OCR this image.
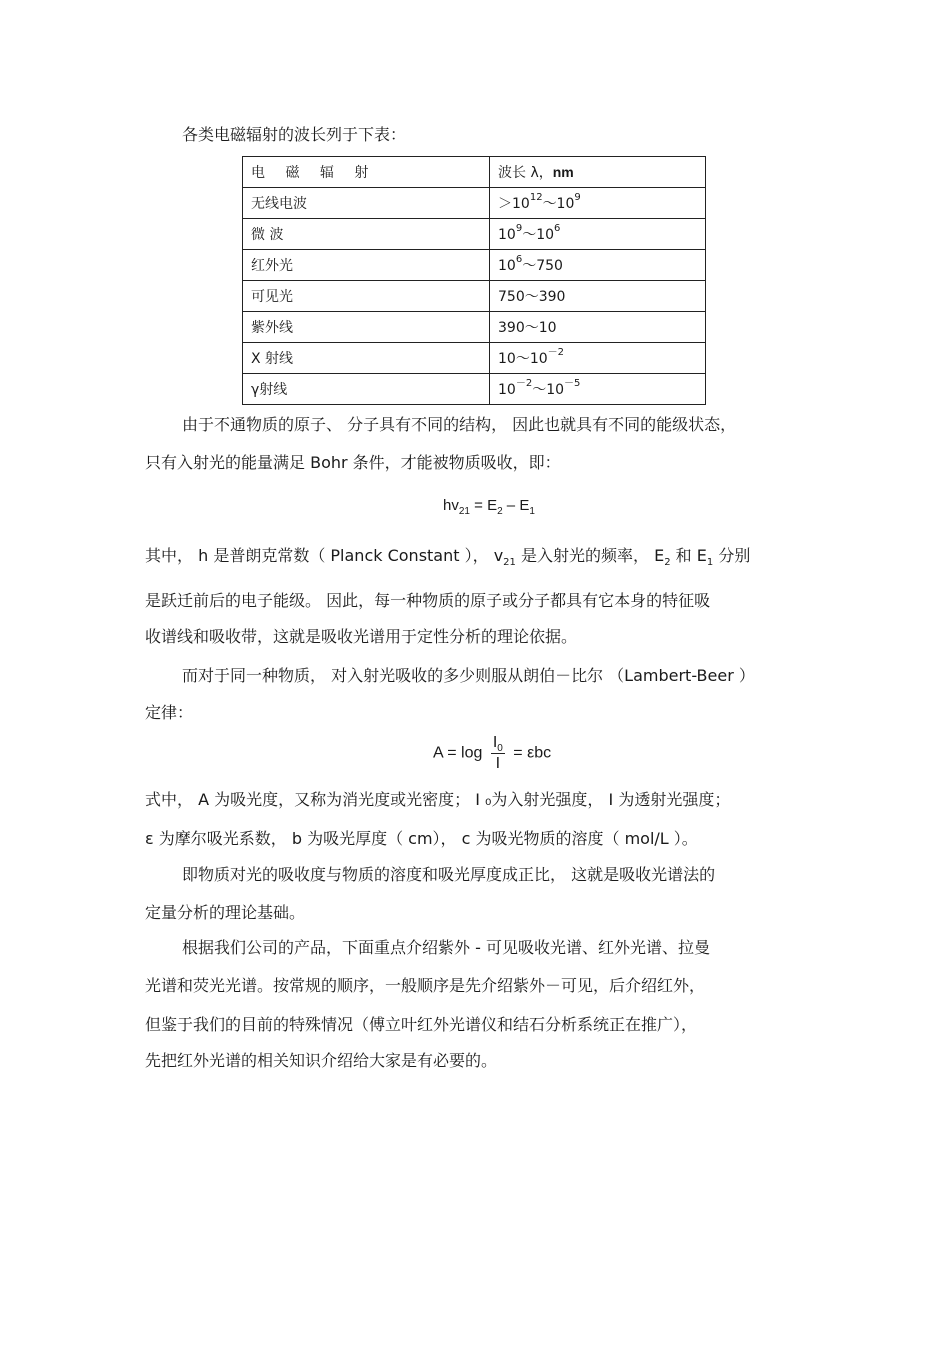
各类电磁辐射的波长列于下表：
电 磁 辐 射	波长 λ，nm
无线电波	$>10^{12}\sim 10^9$
微 波	$10^9\sim 10^6$
红外光	$10^6\sim 750$
可见光	750～390
紫外线	390～10
X 射线	$10\sim 10^{-2}$
γ射线	$10^{-2}\sim 10^{-5}$
由于不通物质的原子、 分子具有不同的结构， 因此也就具有不同的能级状态，
只有入射光的能量满足 Bohr 条件，才能被物质吸收，即：
$hv_{21} = E_2 - E_1$
其中， h 是普朗克常数（ Planck Constant ）， $v_{21}$ 是入射光的频率， $E_2$ 和 $E_1$ 分别
是跃迁前后的电子能级。 因此，每一种物质的原子或分子都具有它本身的特征吸
收谱线和吸收带，这就是吸收光谱用于定性分析的理论依据。
而对于同一种物质， 对入射光吸收的多少则服从朗伯－比尔 （Lambert-Beer ）
定律：
$A = \log \frac{I_0}{I} = \varepsilon bc$
式中， A 为吸光度，又称为消光度或光密度； I ₀为入射光强度， I 为透射光强度；
ε 为摩尔吸光系数， b 为吸光厚度（ cm）， c 为吸光物质的溶度（ mol/L ）。
即物质对光的吸收度与物质的溶度和吸光厚度成正比， 这就是吸收光谱法的
定量分析的理论基础。
根据我们公司的产品，下面重点介绍紫外 - 可见吸收光谱、红外光谱、拉曼
光谱和荧光光谱。按常规的顺序，一般顺序是先介绍紫外－可见，后介绍红外，
但鉴于我们的目前的特殊情况（傅立叶红外光谱仪和结石分析系统正在推广），
先把红外光谱的相关知识介绍给大家是有必要的。
